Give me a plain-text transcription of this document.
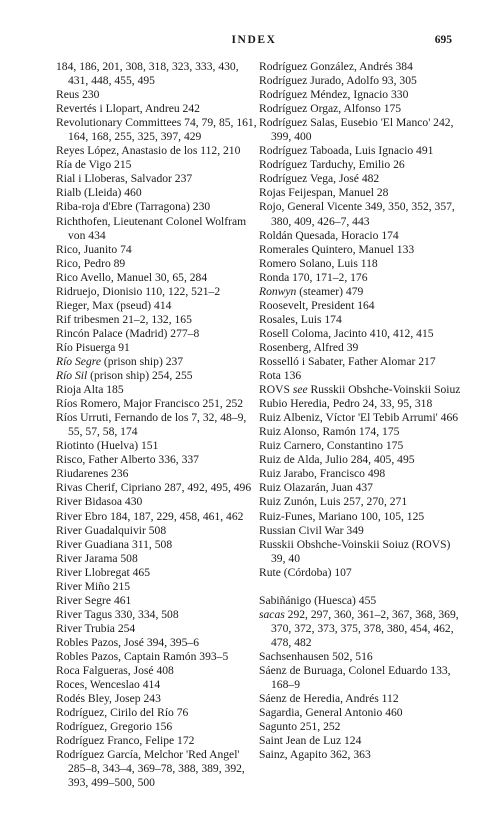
INDEX	695
184, 186, 201, 308, 318, 323, 333, 430, 431, 448, 455, 495
Reus 230
Revertés i Llopart, Andreu 242
Revolutionary Committees 74, 79, 85, 161, 164, 168, 255, 325, 397, 429
Reyes López, Anastasio de los 112, 210
Ría de Vigo 215
Rial i Lloberas, Salvador 237
Rialb (Lleida) 460
Riba-roja d'Ebre (Tarragona) 230
Richthofen, Lieutenant Colonel Wolfram von 434
Rico, Juanito 74
Rico, Pedro 89
Rico Avello, Manuel 30, 65, 284
Ridruejo, Dionisio 110, 122, 521–2
Rieger, Max (pseud) 414
Rif tribesmen 21–2, 132, 165
Rincón Palace (Madrid) 277–8
Río Pisuerga 91
Río Segre (prison ship) 237
Río Sil (prison ship) 254, 255
Rioja Alta 185
Ríos Romero, Major Francisco 251, 252
Ríos Urruti, Fernando de los 7, 32, 48–9, 55, 57, 58, 174
Riotinto (Huelva) 151
Risco, Father Alberto 336, 337
Riudarenes 236
Rivas Cherif, Cipriano 287, 492, 495, 496
River Bidasoa 430
River Ebro 184, 187, 229, 458, 461, 462
River Guadalquivir 508
River Guadiana 311, 508
River Jarama 508
River Llobregat 465
River Miño 215
River Segre 461
River Tagus 330, 334, 508
River Trubia 254
Robles Pazos, José 394, 395–6
Robles Pazos, Captain Ramón 393–5
Roca Falgueras, José 408
Roces, Wenceslao 414
Rodés Bley, Josep 243
Rodríguez, Cirilo del Río 76
Rodríguez, Gregorio 156
Rodríguez Franco, Felipe 172
Rodríguez García, Melchor 'Red Angel' 285–8, 343–4, 369–78, 388, 389, 392, 393, 499–500, 500
Rodríguez González, Andrés 384
Rodríguez Jurado, Adolfo 93, 305
Rodríguez Méndez, Ignacio 330
Rodríguez Orgaz, Alfonso 175
Rodríguez Salas, Eusebio 'El Manco' 242, 399, 400
Rodríguez Taboada, Luis Ignacio 491
Rodríguez Tarduchy, Emilio 26
Rodríguez Vega, José 482
Rojas Feijespan, Manuel 28
Rojo, General Vicente 349, 350, 352, 357, 380, 409, 426–7, 443
Roldán Quesada, Horacio 174
Romerales Quintero, Manuel 133
Romero Solano, Luis 118
Ronda 170, 171–2, 176
Ronwyn (steamer) 479
Roosevelt, President 164
Rosales, Luis 174
Rosell Coloma, Jacinto 410, 412, 415
Rosenberg, Alfred 39
Rosselló i Sabater, Father Alomar 217
Rota 136
ROVS see Russkii Obshche-Voinskii Soiuz
Rubio Heredia, Pedro 24, 33, 95, 318
Ruiz Albeniz, Víctor 'El Tebib Arrumi' 466
Ruiz Alonso, Ramón 174, 175
Ruiz Carnero, Constantino 175
Ruiz de Alda, Julio 284, 405, 495
Ruiz Jarabo, Francisco 498
Ruiz Olazarán, Juan 437
Ruiz Zunón, Luis 257, 270, 271
Ruiz-Funes, Mariano 100, 105, 125
Russian Civil War 349
Russkii Obshche-Voinskii Soiuz (ROVS) 39, 40
Rute (Córdoba) 107
Sabiñánigo (Huesca) 455
sacas 292, 297, 360, 361–2, 367, 368, 369, 370, 372, 373, 375, 378, 380, 454, 462, 478, 482
Sachsenhausen 502, 516
Sáenz de Buruaga, Colonel Eduardo 133, 168–9
Sáenz de Heredia, Andrés 112
Sagardia, General Antonio 460
Sagunto 251, 252
Saint Jean de Luz 124
Sainz, Agapito 362, 363
